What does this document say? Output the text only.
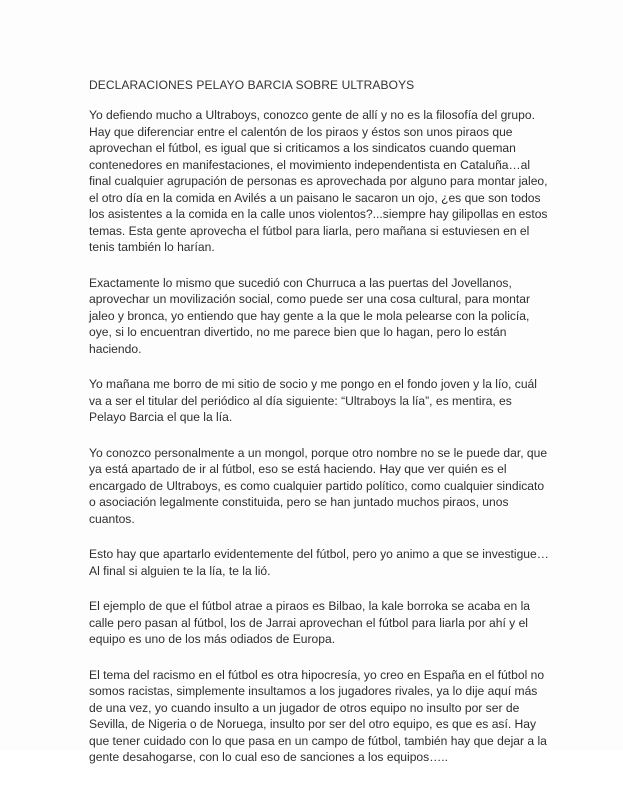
DECLARACIONES PELAYO BARCIA SOBRE ULTRABOYS

Yo defiendo mucho a Ultraboys, conozco gente de allí y no es la filosofía del grupo. Hay que diferenciar entre el calentón de los piraos y éstos son unos piraos que aprovechan el fútbol, es igual que si criticamos a los sindicatos cuando queman contenedores en manifestaciones, el movimiento independentista en Cataluña…al final cualquier agrupación de personas es aprovechada por alguno para montar jaleo, el otro día en la comida en Avilés a un paisano le sacaron un ojo, ¿es que son todos los asistentes a la comida en la calle unos violentos?...siempre hay gilipollas en estos temas. Esta gente aprovecha el fútbol para liarla, pero mañana si estuviesen en el tenis también lo harían.

Exactamente lo mismo que sucedió con Churruca a las puertas del Jovellanos, aprovechar un movilización social, como puede ser una cosa cultural, para montar jaleo y bronca, yo entiendo que hay gente a la que le mola pelearse con la policía, oye, si lo encuentran divertido, no me parece bien que lo hagan, pero lo están haciendo.

Yo mañana me borro de mi sitio de socio y me pongo en el fondo joven y la lío, cuál va a ser el titular del periódico al día siguiente: “Ultraboys la lía”, es mentira, es Pelayo Barcia el que la lía.

Yo conozco personalmente a un mongol, porque otro nombre no se le puede dar, que ya está apartado de ir al fútbol, eso se está haciendo. Hay que ver quién es el encargado de Ultraboys, es como cualquier partido político, como cualquier sindicato o asociación legalmente constituida, pero se han juntado muchos piraos, unos cuantos.

Esto hay que apartarlo evidentemente del fútbol, pero yo animo a que se investigue…Al final si alguien te la lía, te la lió.

El ejemplo de que el fútbol atrae a piraos es Bilbao, la kale borroka se acaba en la calle pero pasan al fútbol, los de Jarrai aprovechan el fútbol para liarla por ahí y el equipo es uno de los más odiados de Europa.

El tema del racismo en el fútbol es otra hipocresía, yo creo en España en el fútbol no somos racistas, simplemente insultamos a los jugadores rivales, ya lo dije aquí más de una vez, yo cuando insulto a un jugador de otros equipo no insulto por ser de Sevilla, de Nigeria o de Noruega, insulto por ser del otro equipo, es que es así. Hay que tener cuidado con lo que pasa en un campo de fútbol, también hay que dejar a la gente desahogarse, con lo cual eso de sanciones a los equipos…..
